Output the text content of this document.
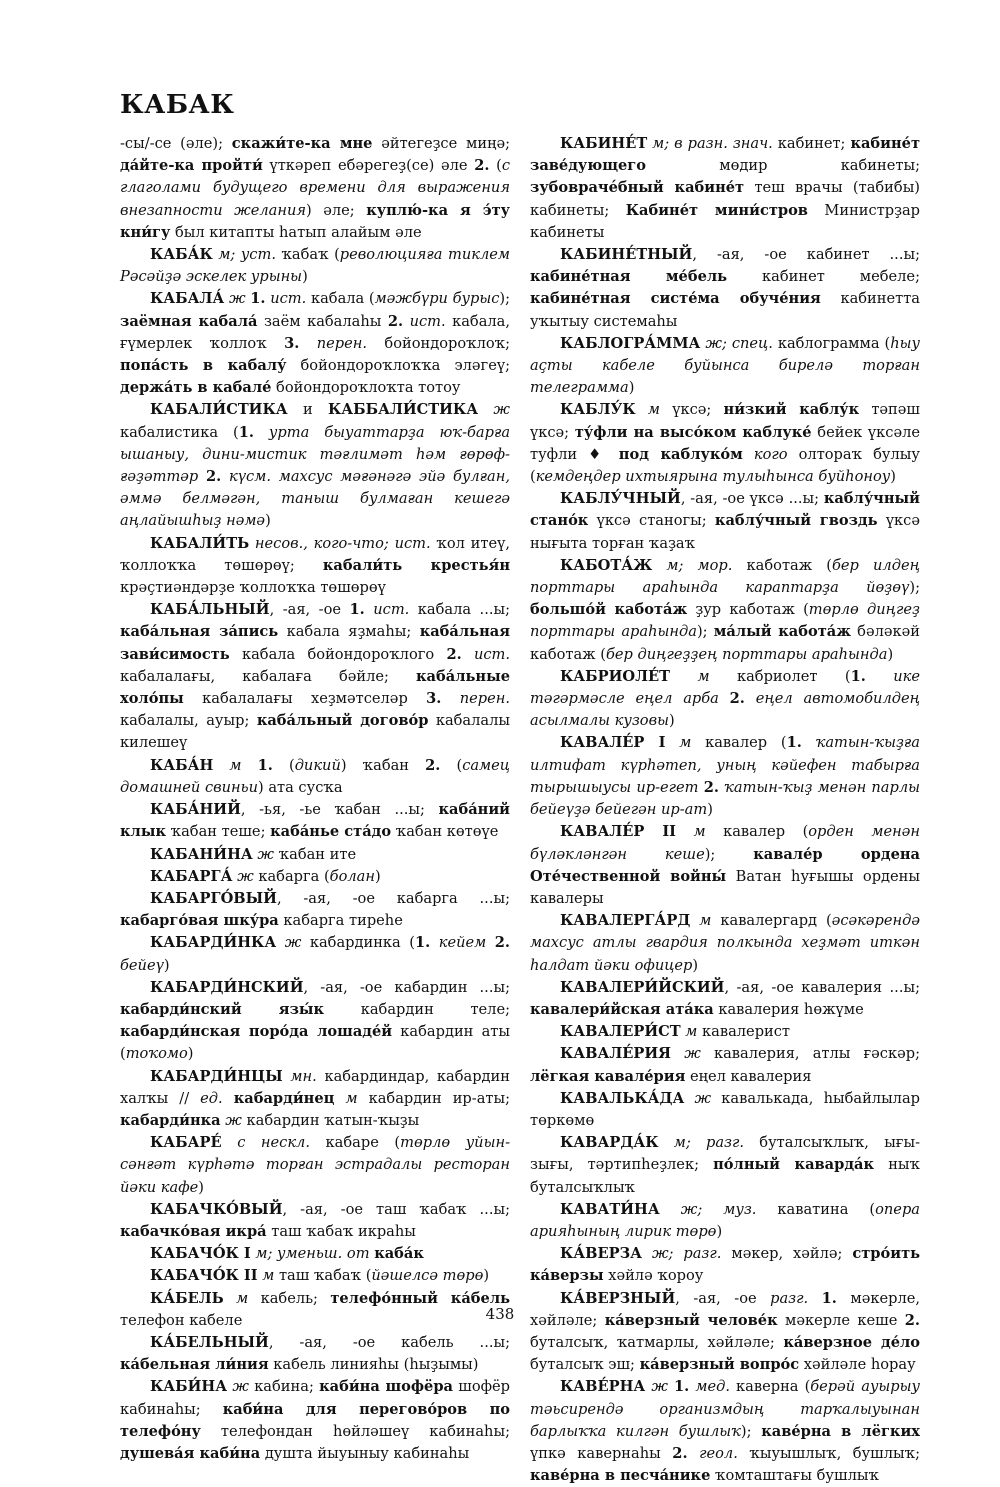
КАБАК

-сы/-се (әле); скажи́те-ка мне әйтегеҙсе миңә; да́йте-ка пройти́ үткәреп ебәрегеҙ(се) әле 2. (с глаголами будущего времени для выражения внезапности желания) әле; куплю́-ка я э́ту кни́гу был китапты һатып алайым әле

КАБА́К м; уст. ҡабаҡ (революцияға тиклем Рәсәйҙә эскелек урыны)

КАБАЛА́ ж 1. ист. кабала (мәжбүри бурыс); заёмная кабала́ заём кабалаһы 2. ист. кабала, ғүмерлек ҡоллоҡ 3. перен. бойондороҡлоҡ; попа́сть в кабалу́ бойондороҡлоҡҡа эләгеү; держа́ть в кабале́ бойондороҡлоҡта тотоу

КАБАЛИ́СТИКА и КАББАЛИ́СТИКА ж кабалистика (1. урта быуаттарҙа юҡ-барға ышаныу, дини-мистик тәғлимәт һәм ғөрөф-ғәҙәттәр 2. күсм. махсус мәғәнәгә эйә булған, әммә белмәгән, таныш булмаған кешегә аңлайышһыҙ нәмә)

КАБАЛИ́ТЬ несов., кого-что; ист. ҡол итеү, ҡоллоҡҡа төшөрөү; кабали́ть крестья́н крәҫтиәндәрҙе ҡоллоҡҡа төшөрөү

КАБА́ЛЬНЫЙ, -ая, -ое 1. ист. кабала ...ы; каба́льная за́пись кабала яҙмаһы; каба́льная зави́симость кабала бойондороҡлого 2. ист. кабалалағы, кабалаға бәйле; каба́льные холо́пы кабалалағы хеҙмәтселәр 3. перен. кабалалы, ауыр; каба́льный догово́р кабалалы килешеү

КАБА́Н м 1. (дикий) ҡабан 2. (самец домашней свиньи) ата сусҡа

КАБА́НИЙ, -ья, -ье ҡабан ...ы; каба́ний клык ҡабан теше; каба́нье ста́до ҡабан көтөүе

КАБАНИ́НА ж ҡабан ите

КАБАРГА́ ж кабарга (болан)

КАБАРГО́ВЫЙ, -ая, -ое кабарга ...ы; кабарго́вая шку́ра кабарга тиреһе

КАБАРДИ́НКА ж кабардинка (1. кейем 2. бейеү)

КАБАРДИ́НСКИЙ, -ая, -ое кабардин ...ы; кабарди́нский язы́к кабардин теле; кабарди́нская поро́да лошаде́й кабардин аты (тоҡомо)

КАБАРДИ́НЦЫ мн. кабардиндар, кабардин халҡы // ед. кабарди́нец м кабардин ир-аты; кабарди́нка ж кабардин ҡатын-ҡыҙы

КАБАРЕ́ с нескл. кабаре (төрлө уйын-сәнғәт күрһәтә торған эстрадалы ресторан йәки кафе)

КАБАЧКО́ВЫЙ, -ая, -ое таш ҡабаҡ ...ы; кабачко́вая икра́ таш ҡабаҡ икраһы

КАБАЧО́К I м; уменьш. от каба́к

КАБАЧО́К II м таш ҡабаҡ (йәшелсә төрө)

КА́БЕЛЬ м кабель; телефо́нный ка́бель телефон кабеле

КА́БЕЛЬНЫЙ, -ая, -ое кабель ...ы; ка́бельная ли́ния кабель линияһы (һыҙымы)

КАБИ́НА ж кабина; каби́на шофёра шофёр кабинаһы; каби́на для перегово́ров по телефо́ну телефондан һөйләшеү кабинаһы; душева́я каби́на душта йыуыныу кабинаһы

КАБИНЕ́Т м; в разн. знач. кабинет; кабине́т заве́дующего мөдир кабинеты; зубоврачéбный кабине́т теш врачы (табибы) кабинеты; Кабине́т мини́стров Министрҙар кабинеты

КАБИНЕ́ТНЫЙ, -ая, -ое кабинет ...ы; кабине́тная ме́бель кабинет мебеле; кабине́тная систе́ма обуче́ния кабинетта уҡытыу системаһы

КАБЛОГРА́ММА ж; спец. каблограмма (һыу аҫты кабеле буйынса бирелә торған телеграмма)

КАБЛУ́К м үксә; ни́зкий каблу́к тәпәш үксә; ту́фли на высо́ком каблуке́ бейек үксәле туфли ♦ под каблуко́м кого олтораҡ булыу (кемдеңдер ихтыярына тулыһынса буйһоноу)

КАБЛУ́ЧНЫЙ, -ая, -ое үксә ...ы; каблу́чный стано́к үксә станогы; каблу́чный гвоздь үксә нығыта торған ҡаҙаҡ

КАБОТА́Ж м; мор. каботаж (бер илдең порттары араһында караптарҙа йөҙөү); большо́й кабота́ж ҙур каботаж (төрлө диңгеҙ порттары араһында); ма́лый кабота́ж бәләкәй каботаж (бер диңгеҙҙең порттары араһында)

КАБРИОЛЕ́Т м кабриолет (1. ике тәгәрмәсле еңел арба 2. еңел автомобилдең асылмалы кузовы)

КАВАЛЕ́Р I м кавалер (1. ҡатын-ҡыҙға илтифат күрһәтеп, уның кәйефен табырға тырышыусы ир-егет 2. ҡатын-ҡыҙ менән парлы бейеүҙә бейегән ир-ат)

КАВАЛЕ́Р II м кавалер (орден менән бүләкләнгән кеше); кавале́р ордена Оте́чественной войны́ Ватан һуғышы ордены кавалеры

КАВАЛЕРГА́РД м кавалергард (әсәкәрендә махсус атлы гвардия полкында хеҙмәт иткән һалдат йәки офицер)

КАВАЛЕРИ́ЙСКИЙ, -ая, -ое кавалерия ...ы; кавалери́йская ата́ка кавалерия һөжүме

КАВАЛЕРИ́СТ м кавалерист

КАВАЛЕ́РИЯ ж кавалерия, атлы ғәскәр; лёгкая кавале́рия еңел кавалерия

КАВАЛЬКА́ДА ж кавалькада, һыбайлылар төркөмө

КАВАРДА́К м; разг. буталсыҡлыҡ, ығы-зығы, тәртипһеҙлек; по́лный кавардáк ныҡ буталсыҡлыҡ

КАВАТИ́НА ж; муз. каватина (опера арияһының лирик төрө)

КА́ВЕРЗА ж; разг. мәкер, хәйлә; стро́ить ка́верзы хәйлә ҡороу

КА́ВЕРЗНЫЙ, -ая, -ое разг. 1. мәкерле, хәйләле; ка́верзный челове́к мәкерле кеше 2. буталсыҡ, ҡатмарлы, хәйләле; ка́верзное де́ло буталсыҡ эш; ка́верзный вопро́с хәйләле һорау

КАВЕ́РНА ж 1. мед. каверна (берәй ауырыу тәьсирендә организмдың тарҡалыуынан барлыҡҡа килгән бушлыҡ); каве́рна в лёгких үпкә кавернаһы 2. геол. ҡыуышлыҡ, бушлыҡ; каве́рна в песча́нике ҡомташтағы бушлыҡ

438
